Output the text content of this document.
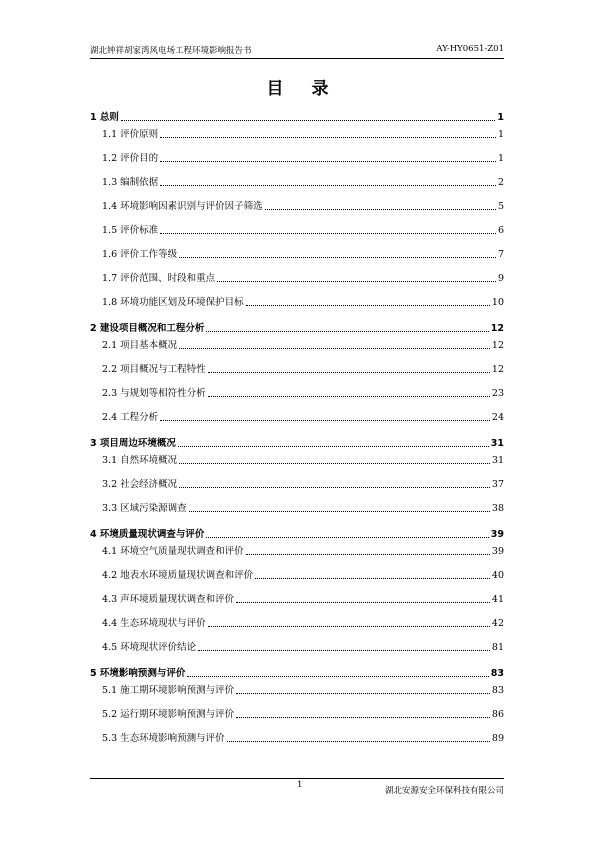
湖北钟祥胡家湾风电场工程环境影响报告书	AY-HY0651-Z01
目录
1 总则	1
1.1 评价原则	1
1.2 评价目的	1
1.3 编制依据	2
1.4 环境影响因素识别与评价因子筛选	5
1.5 评价标准	6
1.6 评价工作等级	7
1.7 评价范围、时段和重点	9
1.8 环境功能区划及环境保护目标	10
2 建设项目概况和工程分析	12
2.1 项目基本概况	12
2.2 项目概况与工程特性	12
2.3 与规划等相符性分析	23
2.4 工程分析	24
3 项目周边环境概况	31
3.1 自然环境概况	31
3.2 社会经济概况	37
3.3 区域污染源调查	38
4 环境质量现状调查与评价	39
4.1 环境空气质量现状调查和评价	39
4.2 地表水环境质量现状调查和评价	40
4.3 声环境质量现状调查和评价	41
4.4 生态环境现状与评价	42
4.5 环境现状评价结论	81
5 环境影响预测与评价	83
5.1 施工期环境影响预测与评价	83
5.2 运行期环境影响预测与评价	86
5.3 生态环境影响预测与评价	89
1
湖北安源安全环保科技有限公司
